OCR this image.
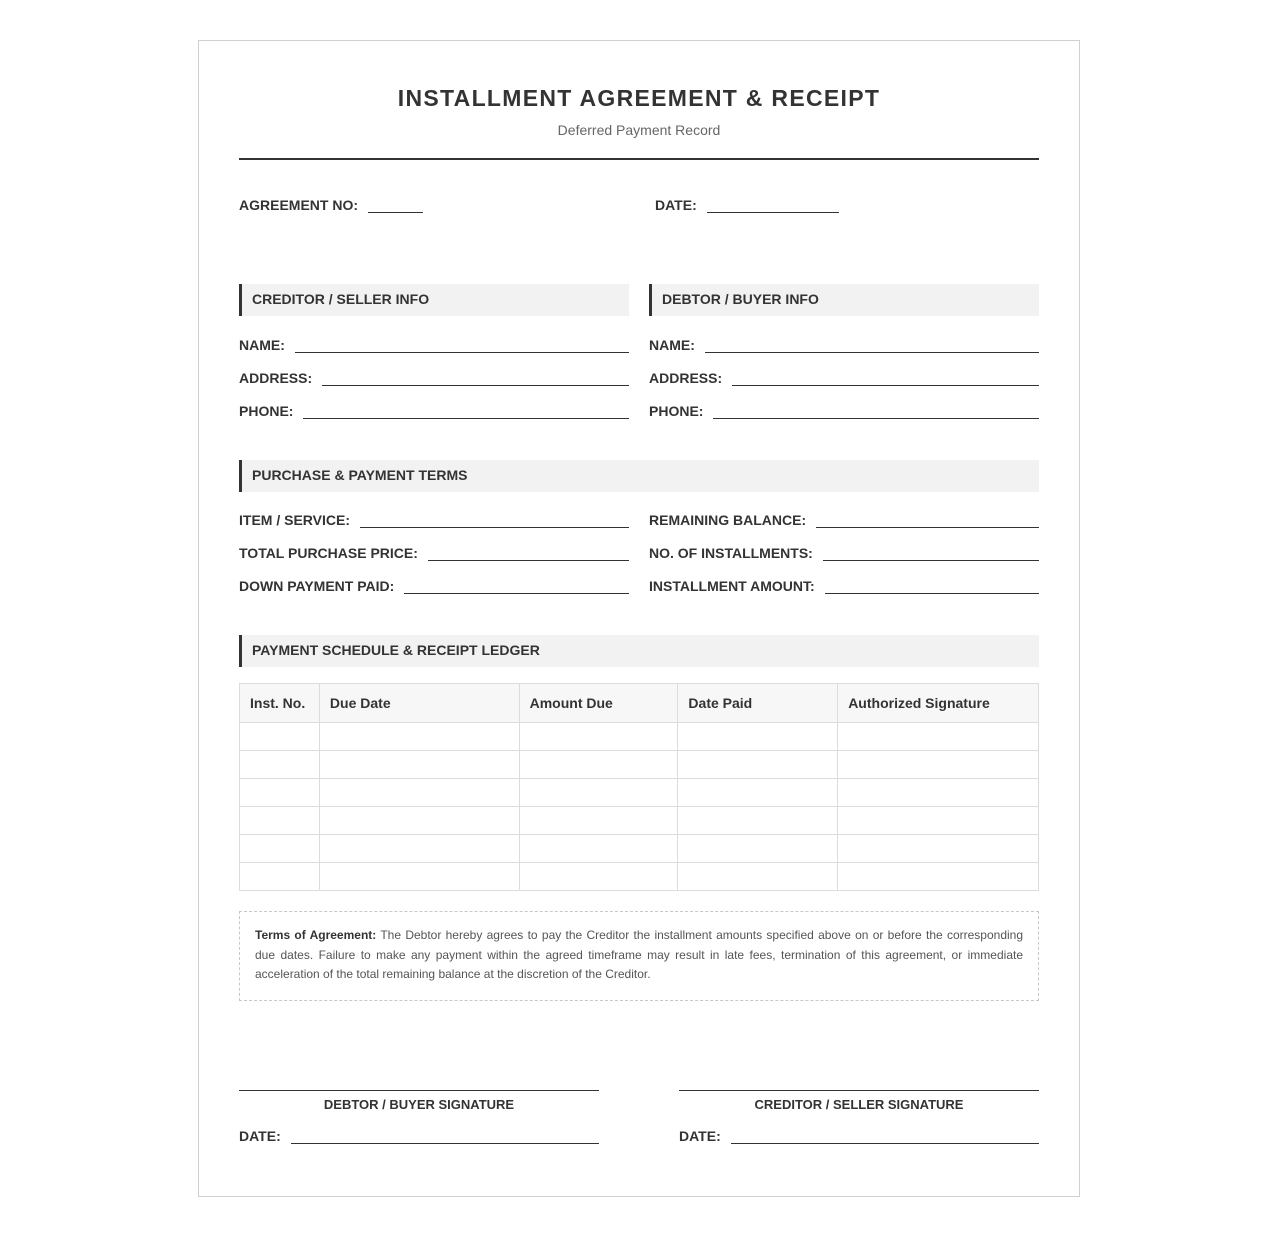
INSTALLMENT AGREEMENT & RECEIPT
Deferred Payment Record
AGREEMENT NO:	DATE:
CREDITOR / SELLER INFO	DEBTOR / BUYER INFO
NAME:
ADDRESS:
PHONE:
NAME:
ADDRESS:
PHONE:
PURCHASE & PAYMENT TERMS
ITEM / SERVICE:
TOTAL PURCHASE PRICE:
DOWN PAYMENT PAID:
REMAINING BALANCE:
NO. OF INSTALLMENTS:
INSTALLMENT AMOUNT:
PAYMENT SCHEDULE & RECEIPT LEDGER
Inst. No.	Due Date	Amount Due	Date Paid	Authorized Signature

Terms of Agreement: The Debtor hereby agrees to pay the Creditor the installment amounts specified above on or before the corresponding due dates. Failure to make any payment within the agreed timeframe may result in late fees, termination of this agreement, or immediate acceleration of the total remaining balance at the discretion of the Creditor.
DEBTOR / BUYER SIGNATURE
DATE:
CREDITOR / SELLER SIGNATURE
DATE:
